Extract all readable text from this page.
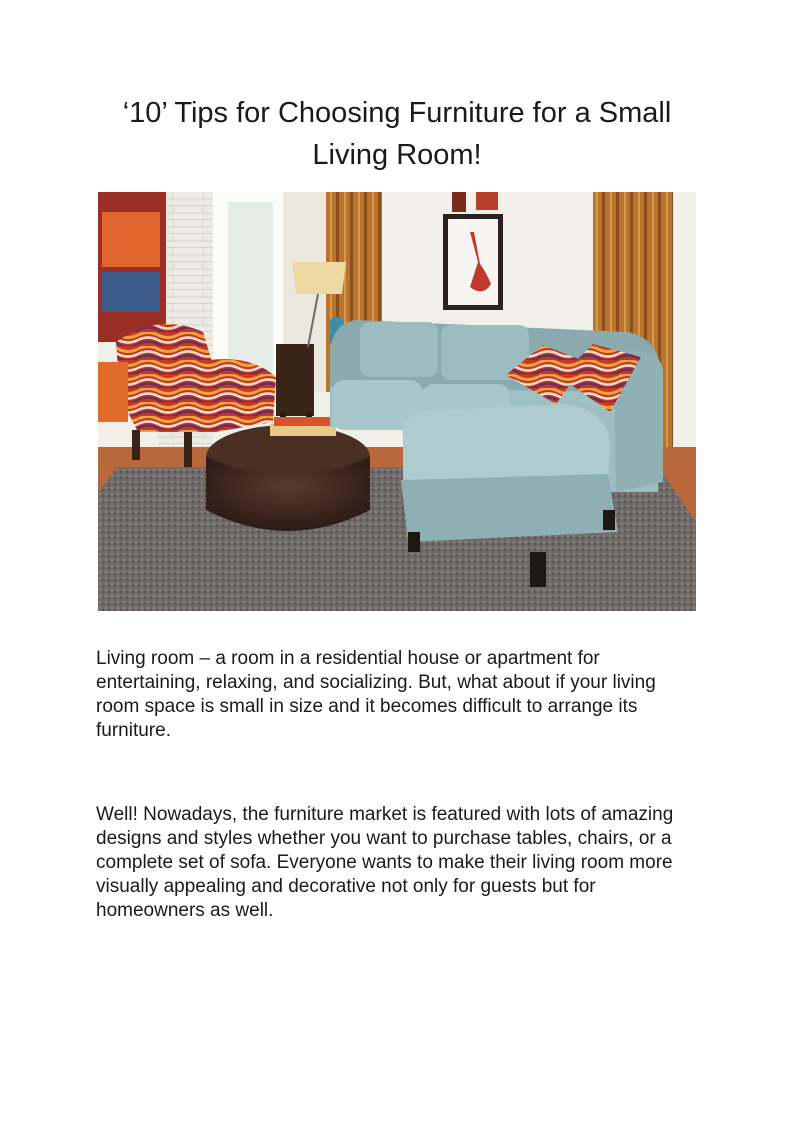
‘10’ Tips for Choosing Furniture for a Small Living Room!

Living room – a room in a residential house or apartment for entertaining, relaxing, and socializing. But, what about if your living room space is small in size and it becomes difficult to arrange its furniture.

Well! Nowadays, the furniture market is featured with lots of amazing designs and styles whether you want to purchase tables, chairs, or a complete set of sofa. Everyone wants to make their living room more visually appealing and decorative not only for guests but for homeowners as well.
